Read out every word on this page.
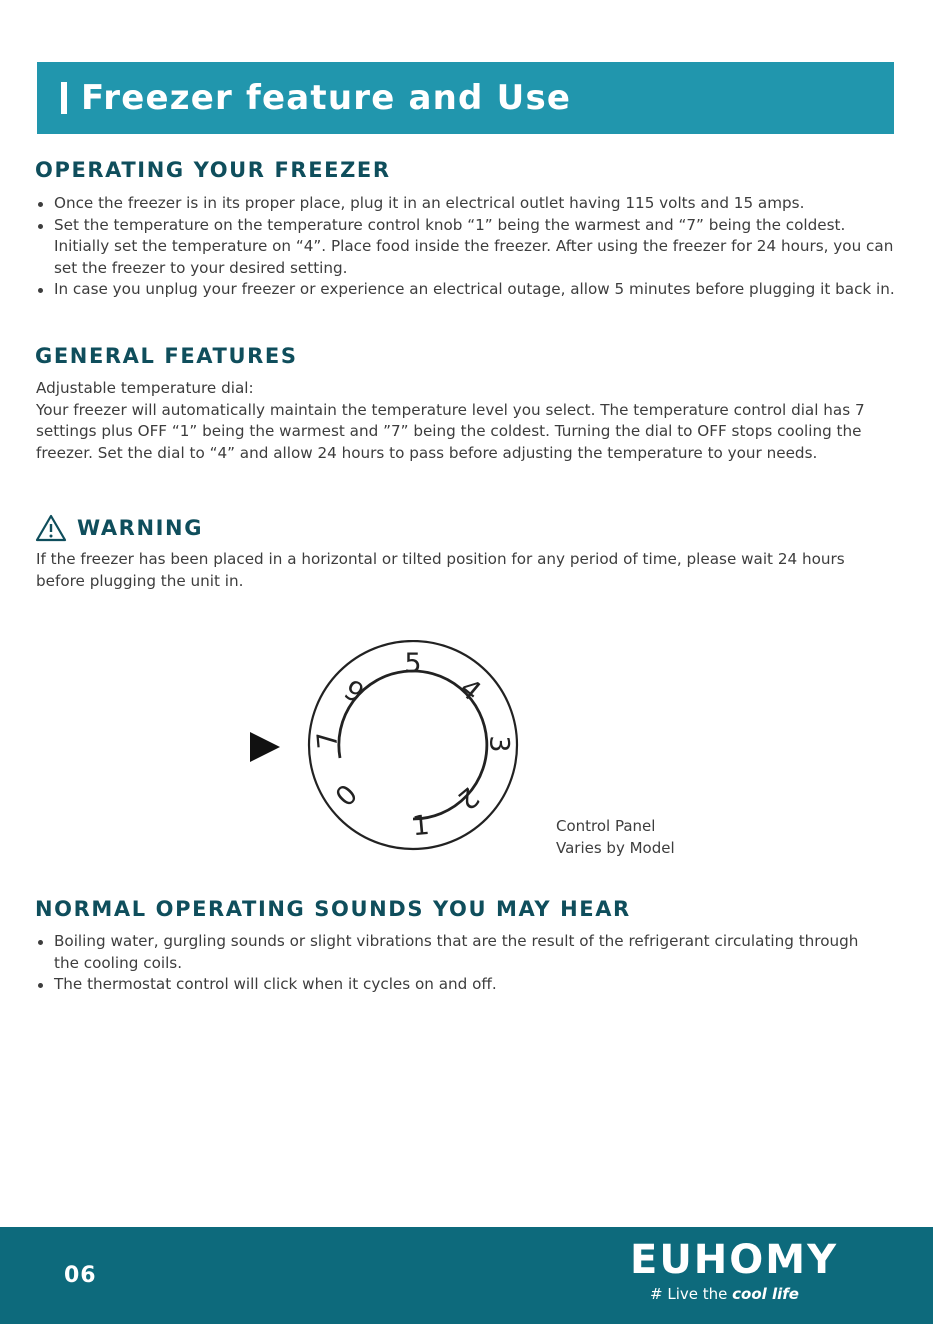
Freezer feature and Use
OPERATING YOUR FREEZER
Once the freezer is in its proper place, plug it in an electrical outlet having 115 volts and 15 amps.
Set the temperature on the temperature control knob “1” being the warmest and “7” being the coldest. Initially set the temperature on “4”. Place food inside the freezer. After using the freezer for 24 hours, you can set the freezer to your desired setting.
In case you unplug your freezer or experience an electrical outage, allow 5 minutes before plugging it back in.
GENERAL FEATURES

Adjustable temperature dial:

Your freezer will automatically maintain the temperature level you select. The temperature control dial has 7 settings plus OFF “1” being the warmest and ”7” being the coldest. Turning the dial to OFF stops cooling the freezer. Set the dial to “4” and allow 24 hours to pass before adjusting the temperature to your needs.

WARNING

If the freezer has been placed in a horizontal or tilted position for any period of time, please wait 24 hours before plugging the unit in.

5
6	4
7	3
0	2
1	Control Panel
Varies by Model
NORMAL OPERATING SOUNDS YOU MAY HEAR
Boiling water, gurgling sounds or slight vibrations that are the result of the refrigerant circulating through the cooling coils.
The thermostat control will click when it cycles on and off.
06	EUHOMY
# Live the cool life
